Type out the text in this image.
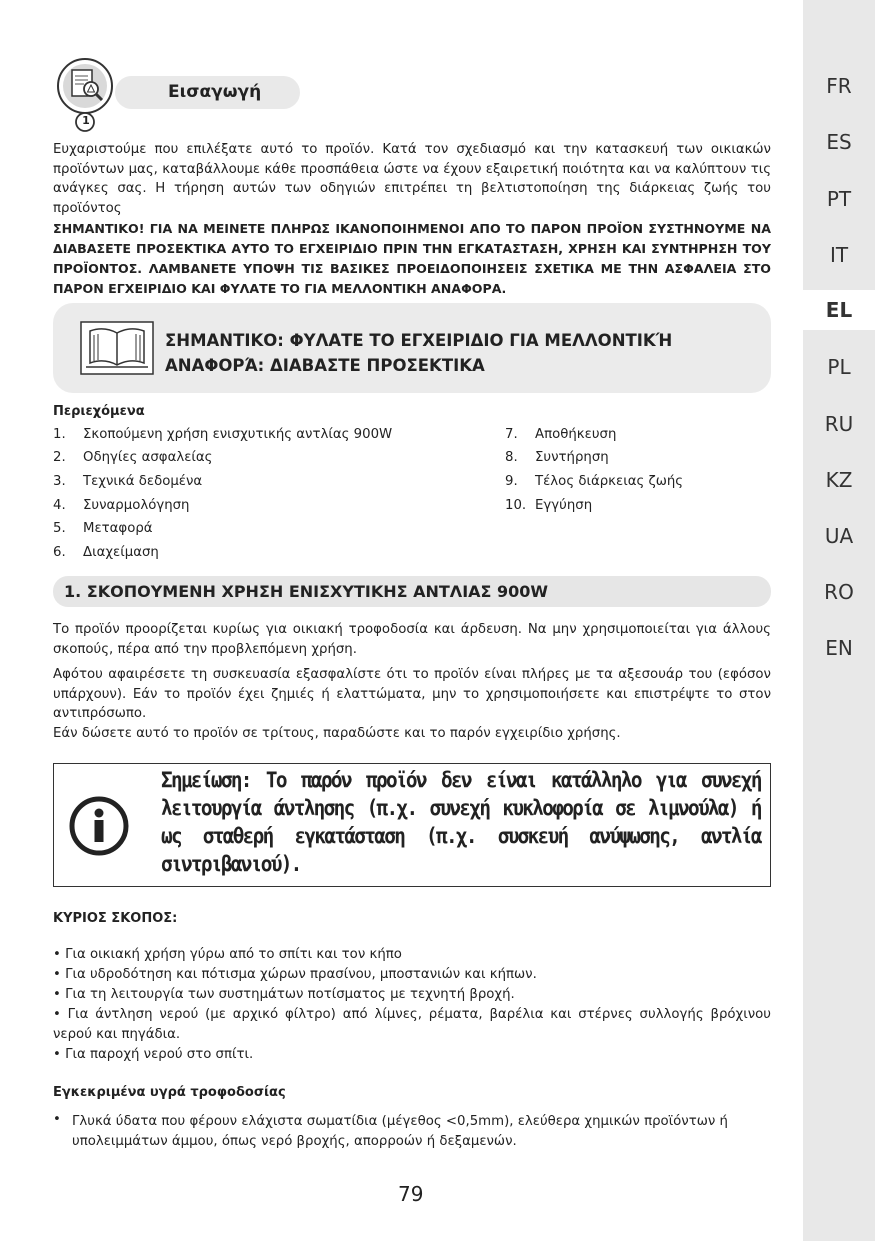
FR
ES
PT
IT
EL
PL
RU
KZ
UA
RO
EN
1
Εισαγωγή
Ευχαριστούμε που επιλέξατε αυτό το προϊόν. Κατά τον σχεδιασμό και την κατασκευή των οικιακών προϊόντων μας, καταβάλλουμε κάθε προσπάθεια ώστε να έχουν εξαιρετική ποιότητα και να καλύπτουν τις ανάγκες σας. Η τήρηση αυτών των οδηγιών επιτρέπει τη βελτιστοποίηση της διάρκειας ζωής του προϊόντος
ΣΗΜΑΝΤΙΚΟ! ΓΙΑ ΝΑ ΜΕΙΝΕΤΕ ΠΛΗΡΩΣ ΙΚΑΝΟΠΟΙΗΜΕΝΟΙ ΑΠΟ ΤΟ ΠΑΡΟΝ ΠΡΟΪΟΝ ΣΥΣΤΗΝΟΥΜΕ ΝΑ ΔΙΑΒΑΣΕΤΕ ΠΡΟΣΕΚΤΙΚΑ ΑΥΤΟ ΤΟ ΕΓΧΕΙΡΙΔΙΟ ΠΡΙΝ ΤΗΝ ΕΓΚΑΤΑΣΤΑΣΗ, ΧΡΗΣΗ ΚΑΙ ΣΥΝΤΗΡΗΣΗ ΤΟΥ ΠΡΟΪΟΝΤΟΣ. ΛΑΜΒΑΝΕΤΕ ΥΠΟΨΗ ΤΙΣ ΒΑΣΙΚΕΣ ΠΡΟΕΙΔΟΠΟΙΗΣΕΙΣ ΣΧΕΤΙΚΑ ΜΕ ΤΗΝ ΑΣΦΑΛΕΙΑ ΣΤΟ ΠΑΡΟΝ ΕΓΧΕΙΡΙΔΙΟ ΚΑΙ ΦΥΛΑΤΕ ΤΟ ΓΙΑ ΜΕΛΛΟΝΤΙΚΗ ΑΝΑΦΟΡΑ.
ΣΗΜΑΝΤΙΚΟ: ΦΥΛΑΤΕ ΤΟ ΕΓΧΕΙΡΙΔΙΟ ΓΙΑ ΜΕΛΛΟΝΤΙΚΉ
ΑΝΑΦΟΡΆ: ΔΙΑΒΑΣΤΕ ΠΡΟΣΕΚΤΙΚΑ
Περιεχόμενα
1. Σκοπούμενη χρήση ενισχυτικής αντλίας 900W
2. Οδηγίες ασφαλείας
3. Τεχνικά δεδομένα
4. Συναρμολόγηση
5. Μεταφορά
6. Διαχείμαση
7. Αποθήκευση
8. Συντήρηση
9. Τέλος διάρκειας ζωής
10. Εγγύηση
1. ΣΚΟΠΟΥΜΕΝΗ ΧΡΗΣΗ ΕΝΙΣΧΥΤΙΚΗΣ ΑΝΤΛΙΑΣ 900W
Το προϊόν προορίζεται κυρίως για οικιακή τροφοδοσία και άρδευση. Να μην χρησιμοποιείται για άλλους σκοπούς, πέρα από την προβλεπόμενη χρήση.
Αφότου αφαιρέσετε τη συσκευασία εξασφαλίστε ότι το προϊόν είναι πλήρες με τα αξεσουάρ του (εφόσον υπάρχουν). Εάν το προϊόν έχει ζημιές ή ελαττώματα, μην το χρησιμοποιήσετε και επιστρέψτε το στον αντιπρόσωπο.
Εάν δώσετε αυτό το προϊόν σε τρίτους, παραδώστε και το παρόν εγχειρίδιο χρήσης.
Σημείωση: Το παρόν προϊόν δεν είναι κατάλληλο για συνεχή λειτουργία άντλησης (π.χ. συνεχή κυκλοφορία σε λιμνούλα) ή ως σταθερή εγκατάσταση (π.χ. συσκευή ανύψωσης, αντλία σιντριβανιού).
ΚΥΡΙΟΣ ΣΚΟΠΟΣ:
• Για οικιακή χρήση γύρω από το σπίτι και τον κήπο
• Για υδροδότηση και πότισμα χώρων πρασίνου, μποστανιών και κήπων.
• Για τη λειτουργία των συστημάτων ποτίσματος με τεχνητή βροχή.
• Για άντληση νερού (με αρχικό φίλτρο) από λίμνες, ρέματα, βαρέλια και στέρνες συλλογής βρόχινου νερού και πηγάδια.
• Για παροχή νερού στο σπίτι.
Εγκεκριμένα υγρά τροφοδοσίας
• Γλυκά ύδατα που φέρουν ελάχιστα σωματίδια (μέγεθος <0,5mm), ελεύθερα χημικών προϊόντων ή υπολειμμάτων άμμου, όπως νερό βροχής, απορροών ή δεξαμενών.
79
